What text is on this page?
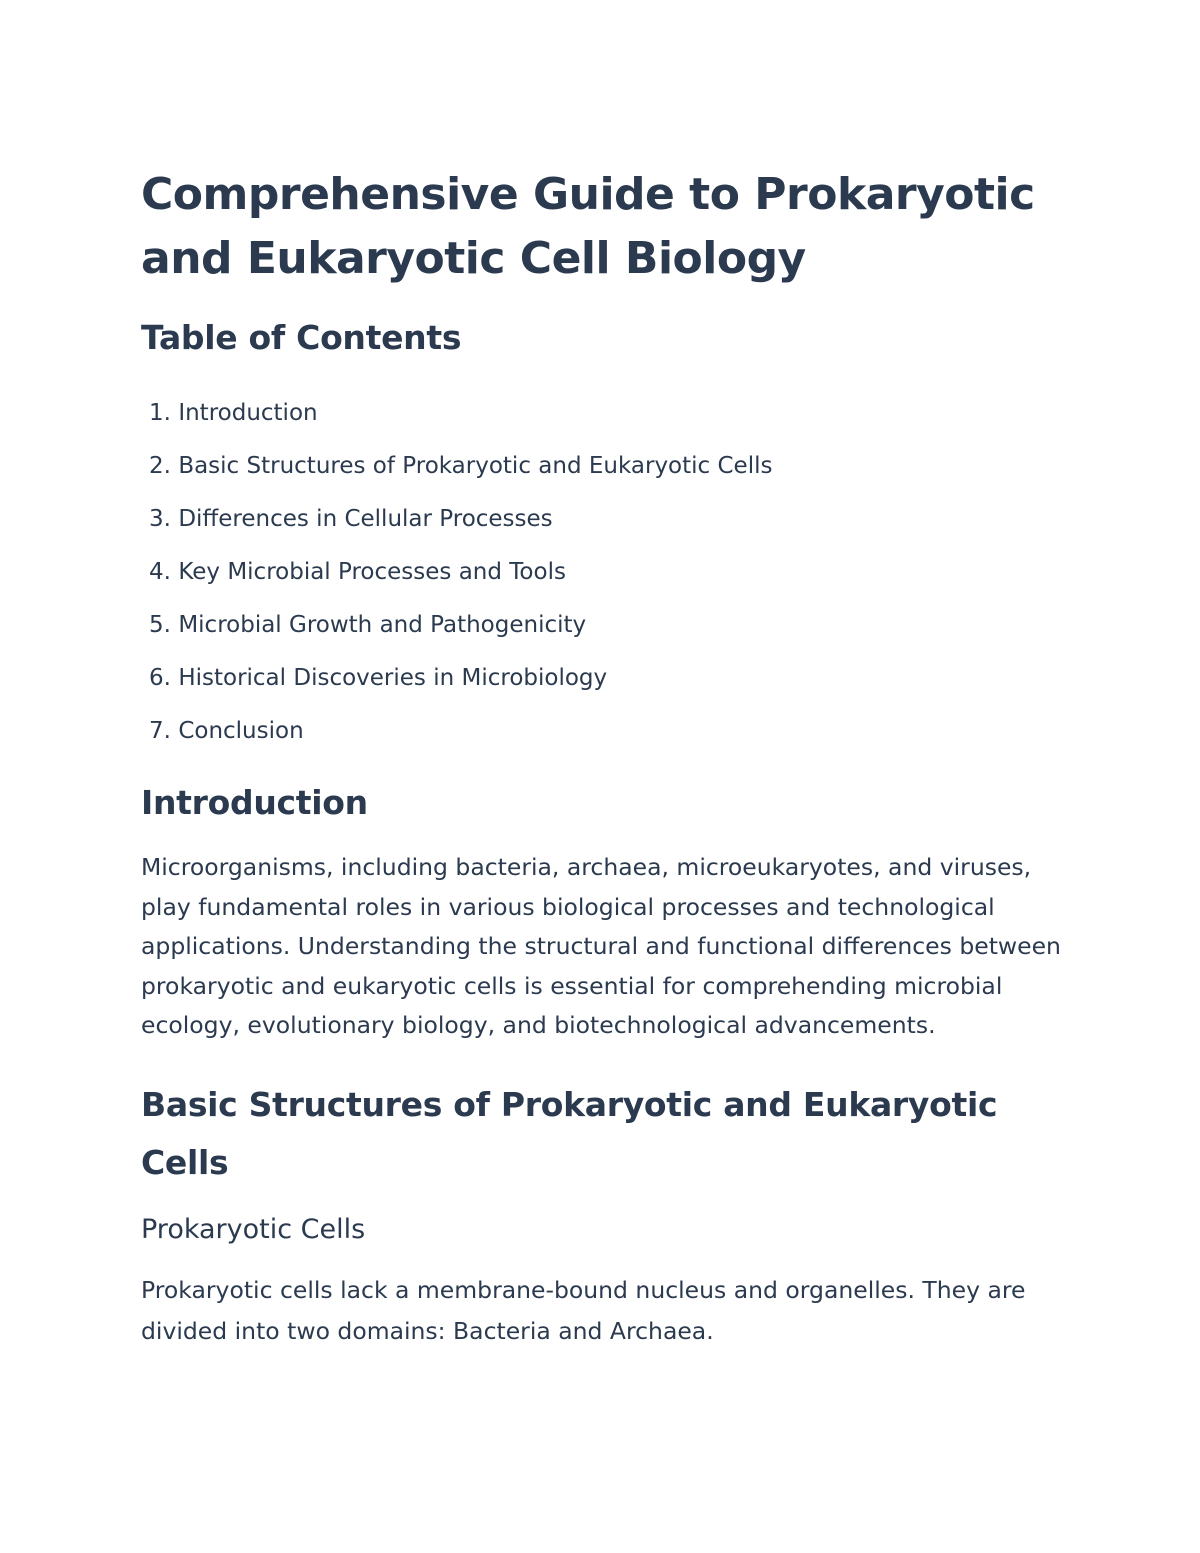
Comprehensive Guide to Prokaryotic and Eukaryotic Cell Biology
Table of Contents
1. Introduction
2. Basic Structures of Prokaryotic and Eukaryotic Cells
3. Differences in Cellular Processes
4. Key Microbial Processes and Tools
5. Microbial Growth and Pathogenicity
6. Historical Discoveries in Microbiology
7. Conclusion
Introduction

Microorganisms, including bacteria, archaea, microeukaryotes, and viruses, play fundamental roles in various biological processes and technological applications. Understanding the structural and functional differences between prokaryotic and eukaryotic cells is essential for comprehending microbial ecology, evolutionary biology, and biotechnological advancements.

Basic Structures of Prokaryotic and Eukaryotic Cells
Prokaryotic Cells

Prokaryotic cells lack a membrane-bound nucleus and organelles. They are divided into two domains: Bacteria and Archaea.
